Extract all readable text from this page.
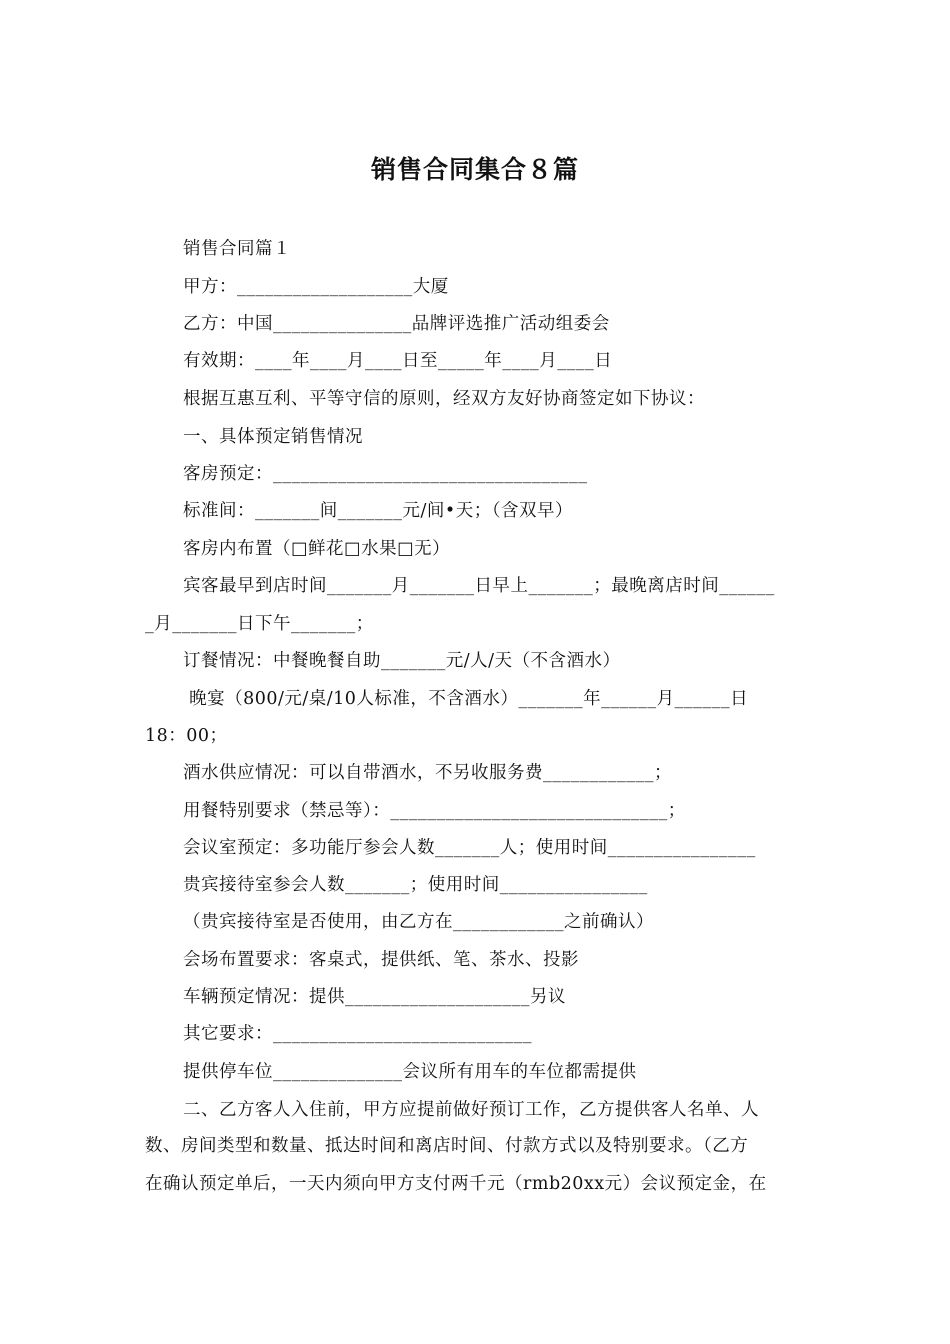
销售合同集合８篇
销售合同篇１
甲方：___________________大厦
乙方：中国_______________品牌评选推广活动组委会
有效期：____年____月____日至_____年____月____日
根据互惠互利、平等守信的原则，经双方友好协商签定如下协议：
一、具体预定销售情况
客房预定：__________________________________
标准间：_______间_______元/间•天；（含双早）
客房内布置（□鲜花□水果□无）
宾客最早到店时间_______月_______日早上_______；最晚离店时间______
_月_______日下午_______；
订餐情况：中餐晚餐自助_______元/人/天（不含酒水）
晚宴（800/元/桌/10人标准，不含酒水）_______年______月______日
18：00；
酒水供应情况：可以自带酒水，不另收服务费____________；
用餐特别要求（禁忌等）：______________________________；
会议室预定：多功能厅参会人数_______人；使用时间________________
贵宾接待室参会人数_______；使用时间________________
（贵宾接待室是否使用，由乙方在____________之前确认）
会场布置要求：客桌式，提供纸、笔、茶水、投影
车辆预定情况：提供____________________另议
其它要求：____________________________
提供停车位______________会议所有用车的车位都需提供
二、乙方客人入住前，甲方应提前做好预订工作，乙方提供客人名单、人
数、房间类型和数量、抵达时间和离店时间、付款方式以及特别要求。（乙方
在确认预定单后，一天内须向甲方支付两千元（rmb20xx元）会议预定金，在
